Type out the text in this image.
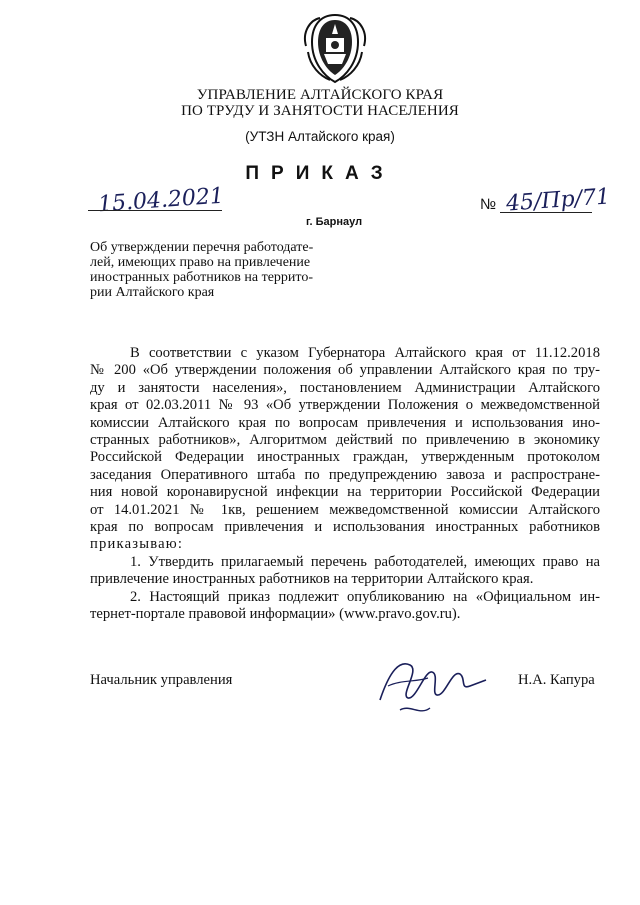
УПРАВЛЕНИЕ АЛТАЙСКОГО КРАЯ
ПО ТРУДУ И ЗАНЯТОСТИ НАСЕЛЕНИЯ
(УТЗН Алтайского края)
ПРИКАЗ
15.04.2021
г. Барнаул
№ 45/Пр/71
Об утверждении перечня работодате-
лей, имеющих право на привлечение
иностранных работников на террито-
рии Алтайского края
В соответствии с указом Губернатора Алтайского края от 11.12.2018
№ 200 «Об утверждении положения об управлении Алтайского края по тру-
ду и занятости населения», постановлением Администрации Алтайского
края от 02.03.2011 № 93 «Об утверждении Положения о межведомственной
комиссии Алтайского края по вопросам привлечения и использования ино-
странных работников», Алгоритмом действий по привлечению в экономику
Российской Федерации иностранных граждан, утвержденным протоколом
заседания Оперативного штаба по предупреждению завоза и распростране-
ния новой коронавирусной инфекции на территории Российской Федерации
от 14.01.2021 № 1кв, решением межведомственной комиссии Алтайского
края по вопросам привлечения и использования иностранных работников
приказываю:
1. Утвердить прилагаемый перечень работодателей, имеющих право на
привлечение иностранных работников на территории Алтайского края.
2. Настоящий приказ подлежит опубликованию на «Официальном ин-
тернет-портале правовой информации» (www.pravo.gov.ru).
Начальник управления	Н.А. Капура
